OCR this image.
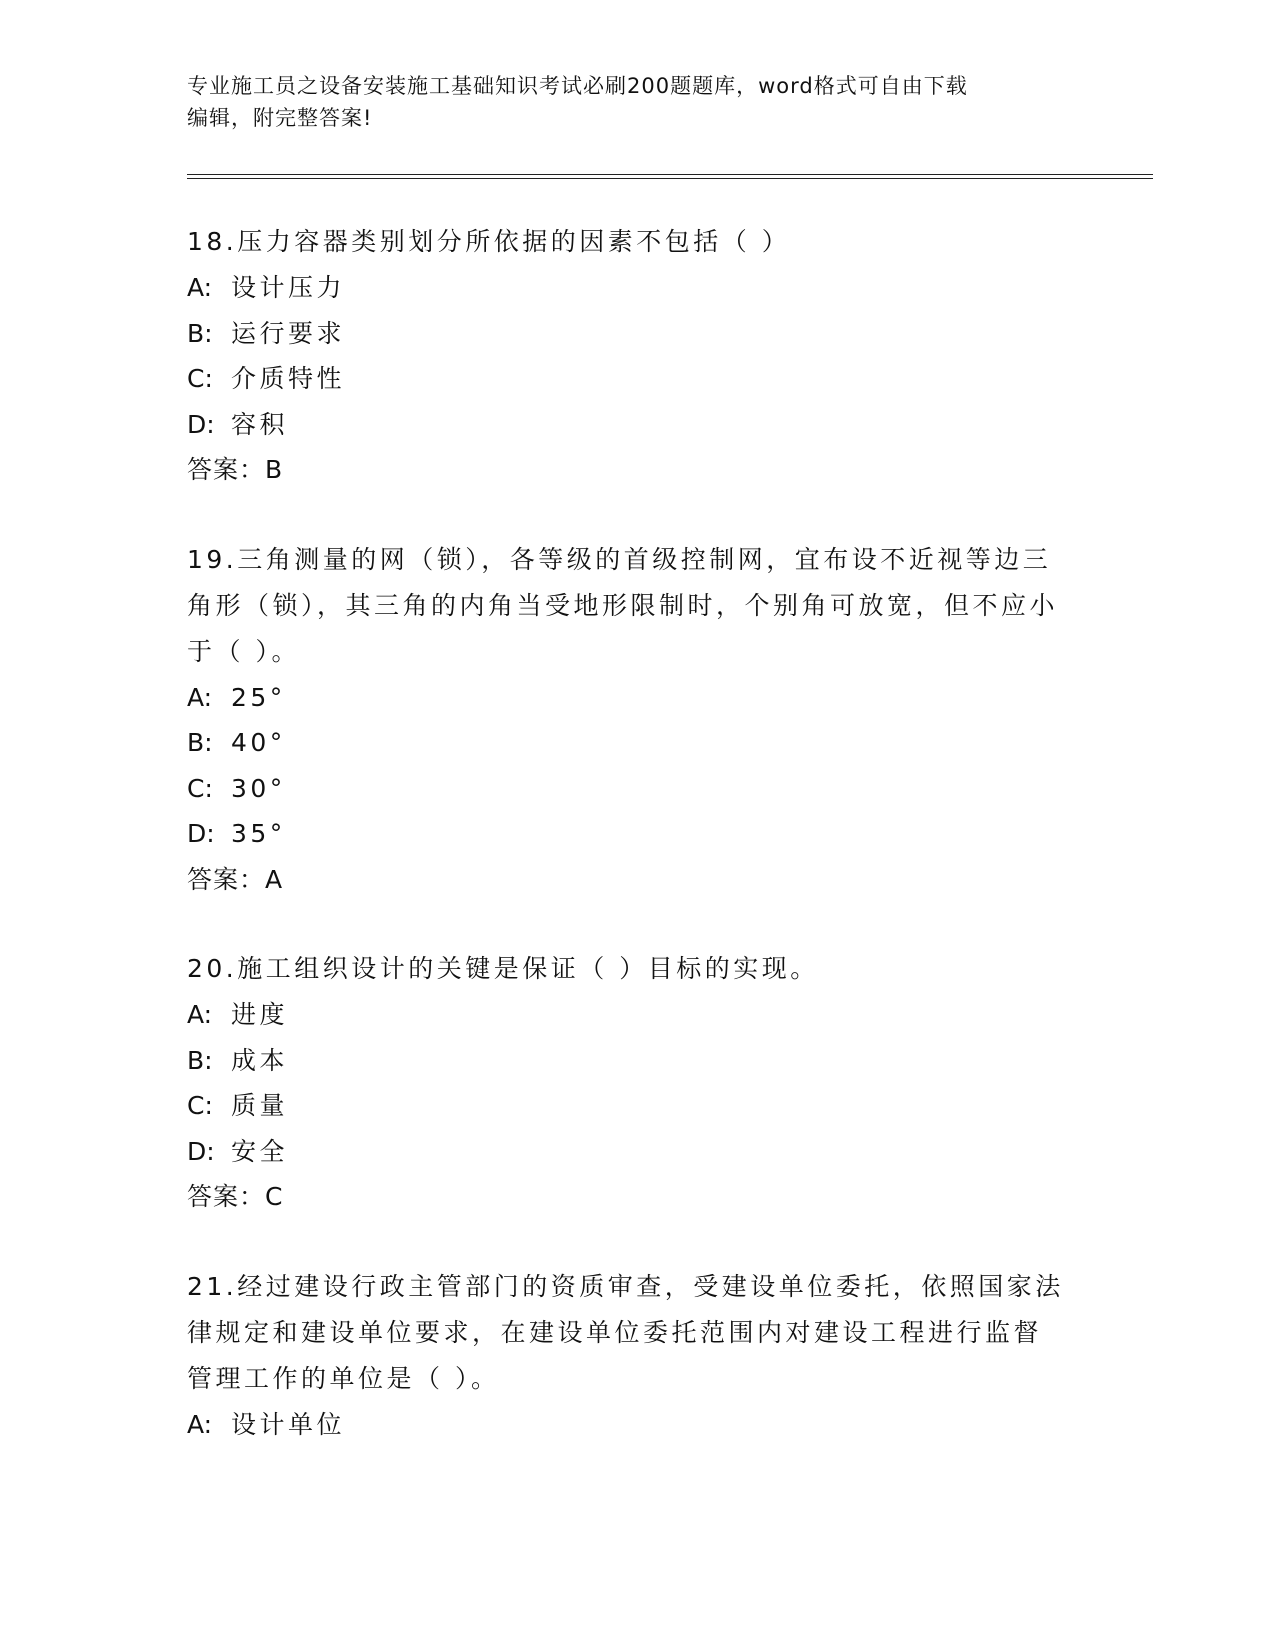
专业施工员之设备安装施工基础知识考试必刷200题题库，word格式可自由下载
编辑，附完整答案!

18.压力容器类别划分所依据的因素不包括（ ）

A: 设计压力

B: 运行要求

C: 介质特性

D: 容积

答案：B

19.三角测量的网（锁），各等级的首级控制网，宜布设不近视等边三角形（锁），其三角的内角当受地形限制时，个别角可放宽，但不应小于（ ）。

A: 25°

B: 40°

C: 30°

D: 35°

答案：A

20.施工组织设计的关键是保证（ ）目标的实现。

A: 进度

B: 成本

C: 质量

D: 安全

答案：C

21.经过建设行政主管部门的资质审查，受建设单位委托，依照国家法律规定和建设单位要求，在建设单位委托范围内对建设工程进行监督管理工作的单位是（ ）。

A: 设计单位
